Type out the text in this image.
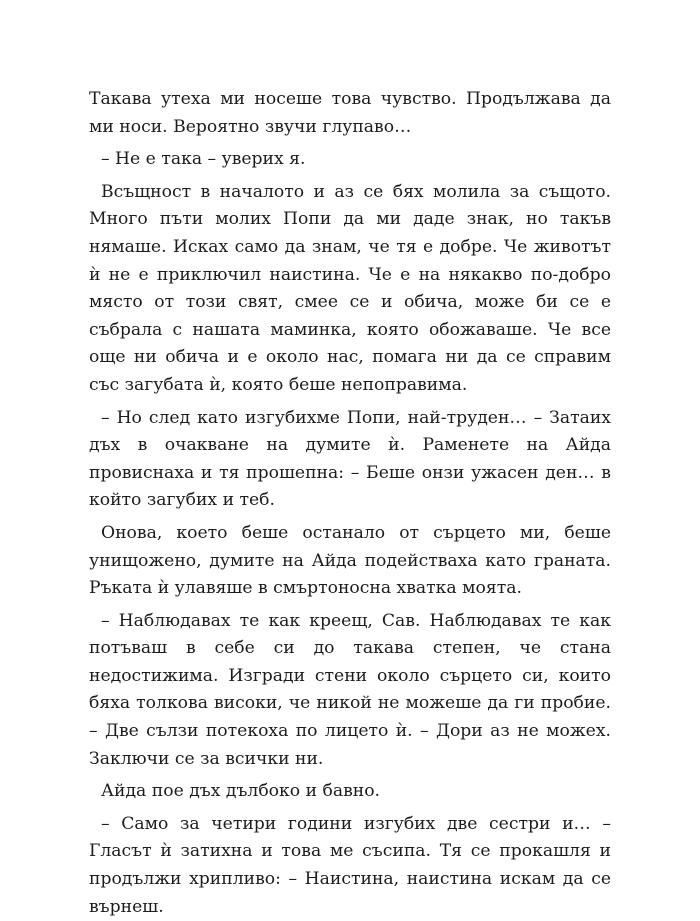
Такава утеха ми носеше това чувство. Продължава да ми носи. Вероятно звучи глупаво…

– Не е така – уверих я.

Всъщност в началото и аз се бях молила за същото. Много пъти молих Попи да ми даде знак, но такъв нямаше. Исках само да знам, че тя е добре. Че животът ѝ не е приключил наистина. Че е на някакво по-добро място от този свят, смее се и обича, може би се е събрала с нашата маминка, която обожаваше. Че все още ни обича и е около нас, помага ни да се справим със загубата ѝ, която беше непоправима.

– Но след като изгубихме Попи, най-труден… – Затаих дъх в очакване на думите ѝ. Раменете на Айда провиснаха и тя прошепна: – Беше онзи ужасен ден… в който загубих и теб.

Онова, което беше останало от сърцето ми, беше унищожено, думите на Айда подействаха като граната. Ръката ѝ улавяше в смъртоносна хватка моята.

– Наблюдавах те как креещ, Сав. Наблюдавах те как потъваш в себе си до такава степен, че стана недостижима. Изгради стени около сърцето си, които бяха толкова високи, че никой не можеше да ги пробие. – Две сълзи потекоха по лицето ѝ. – Дори аз не можех. Заключи се за всички ни.

Айда пое дъх дълбоко и бавно.

– Само за четири години изгубих две сестри и… – Гласът ѝ затихна и това ме съсипа. Тя се прокашля и продължи хрипливо: – Наистина, наистина искам да се върнеш.
